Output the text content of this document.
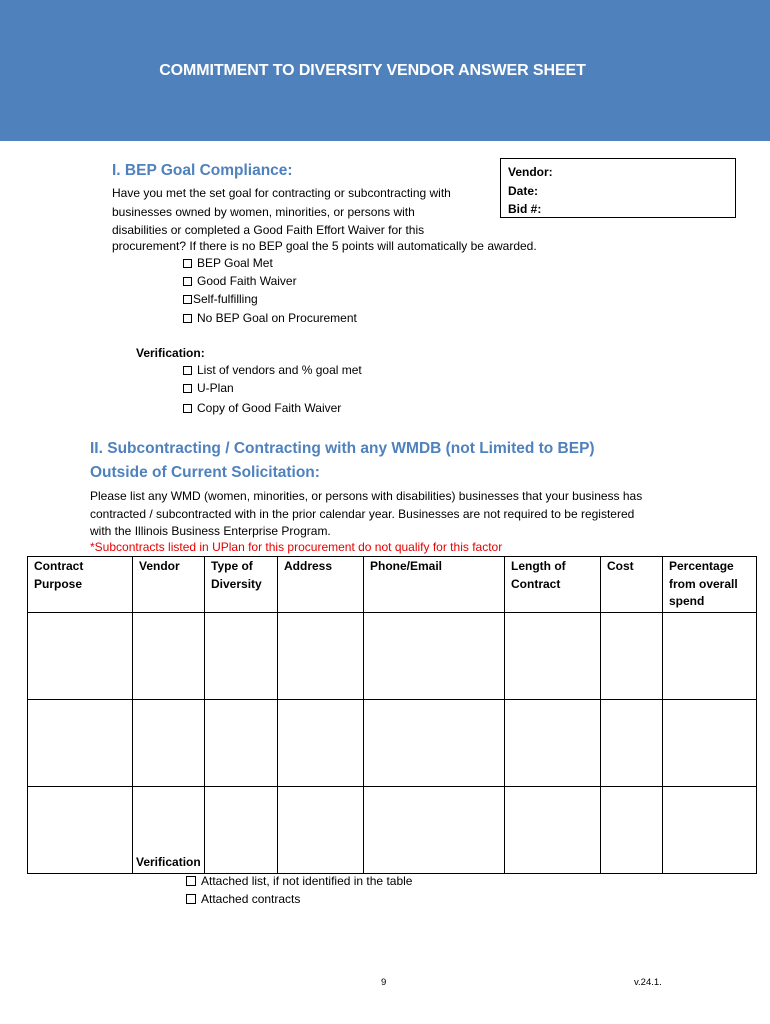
COMMITMENT TO DIVERSITY VENDOR ANSWER SHEET
I. BEP Goal Compliance:	Vendor:
Date:
Bid #:
Have you met the set goal for contracting or subcontracting with
businesses owned by women, minorities, or persons with
disabilities or completed a Good Faith Effort Waiver for this
procurement? If there is no BEP goal the 5 points will automatically be awarded.
BEP Goal Met
Good Faith Waiver
Self-fulfilling
No BEP Goal on Procurement
Verification:
List of vendors and % goal met
U-Plan
Copy of Good Faith Waiver
II. Subcontracting / Contracting with any WMDB (not Limited to BEP)
Outside of Current Solicitation:
Please list any WMD (women, minorities, or persons with disabilities) businesses that your business has
contracted / subcontracted with in the prior calendar year. Businesses are not required to be registered
with the Illinois Business Enterprise Program.
*Subcontracts listed in UPlan for this procurement do not qualify for this factor
Contract Purpose	Vendor	Type of Diversity	Address	Phone/Email	Length of Contract	Cost	Percentage from overall spend

Verification
Attached list, if not identified in the table
Attached contracts
9	v.24.1.
